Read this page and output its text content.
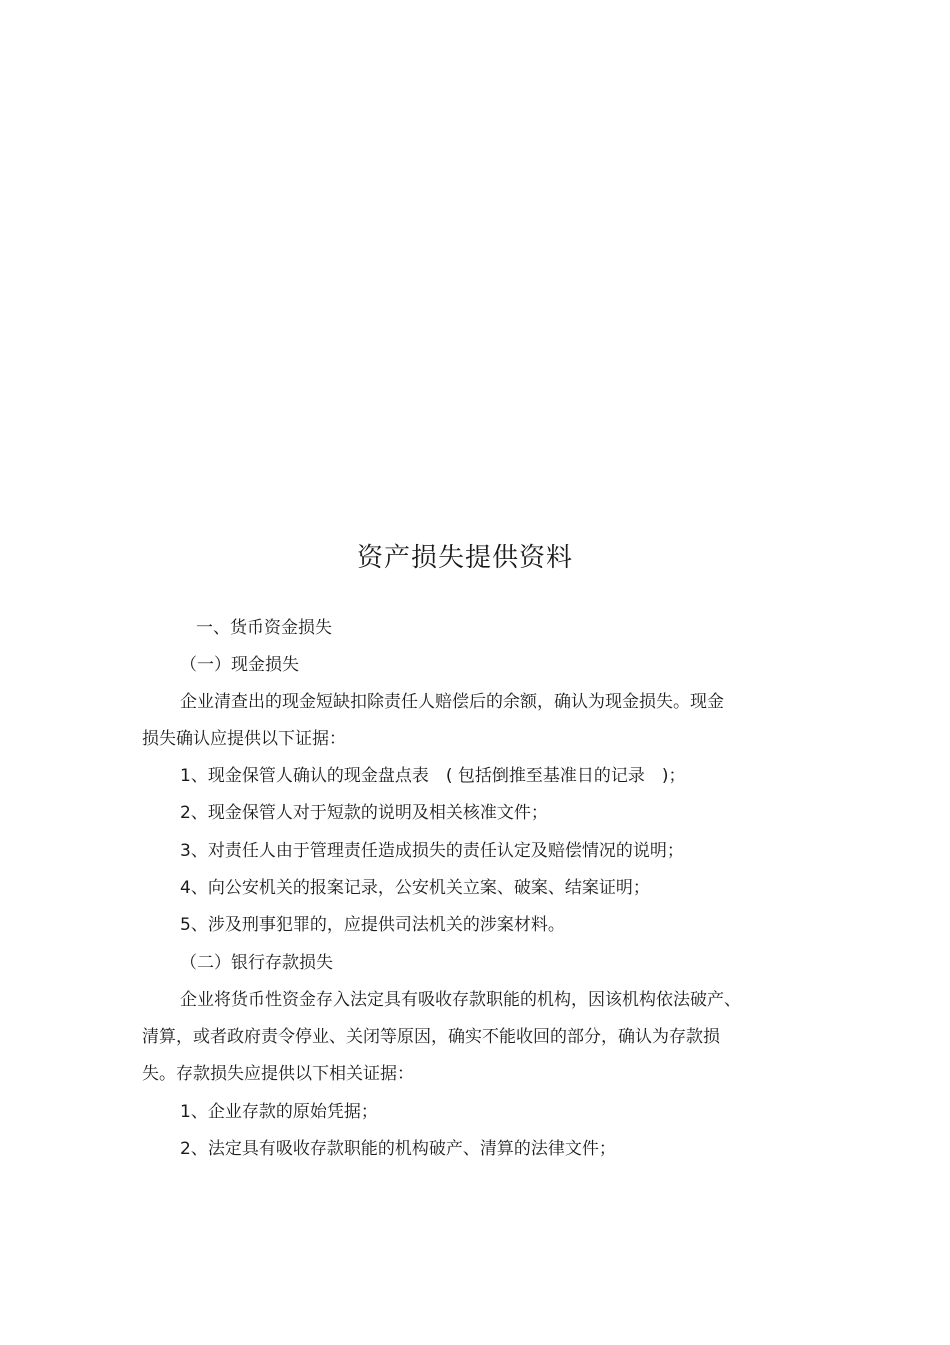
资产损失提供资料
一、货币资金损失
（一）现金损失
企业清查出的现金短缺扣除责任人赔偿后的余额，确认为现金损失。现金
损失确认应提供以下证据：
1、现金保管人确认的现金盘点表　( 包括倒推至基准日的记录　)；
2、现金保管人对于短款的说明及相关核准文件；
3、对责任人由于管理责任造成损失的责任认定及赔偿情况的说明；
4、向公安机关的报案记录，公安机关立案、破案、结案证明；
5、涉及刑事犯罪的，应提供司法机关的涉案材料。
（二）银行存款损失
企业将货币性资金存入法定具有吸收存款职能的机构，因该机构依法破产、
清算，或者政府责令停业、关闭等原因，确实不能收回的部分，确认为存款损
失。存款损失应提供以下相关证据：
1、企业存款的原始凭据；
2、法定具有吸收存款职能的机构破产、清算的法律文件；
